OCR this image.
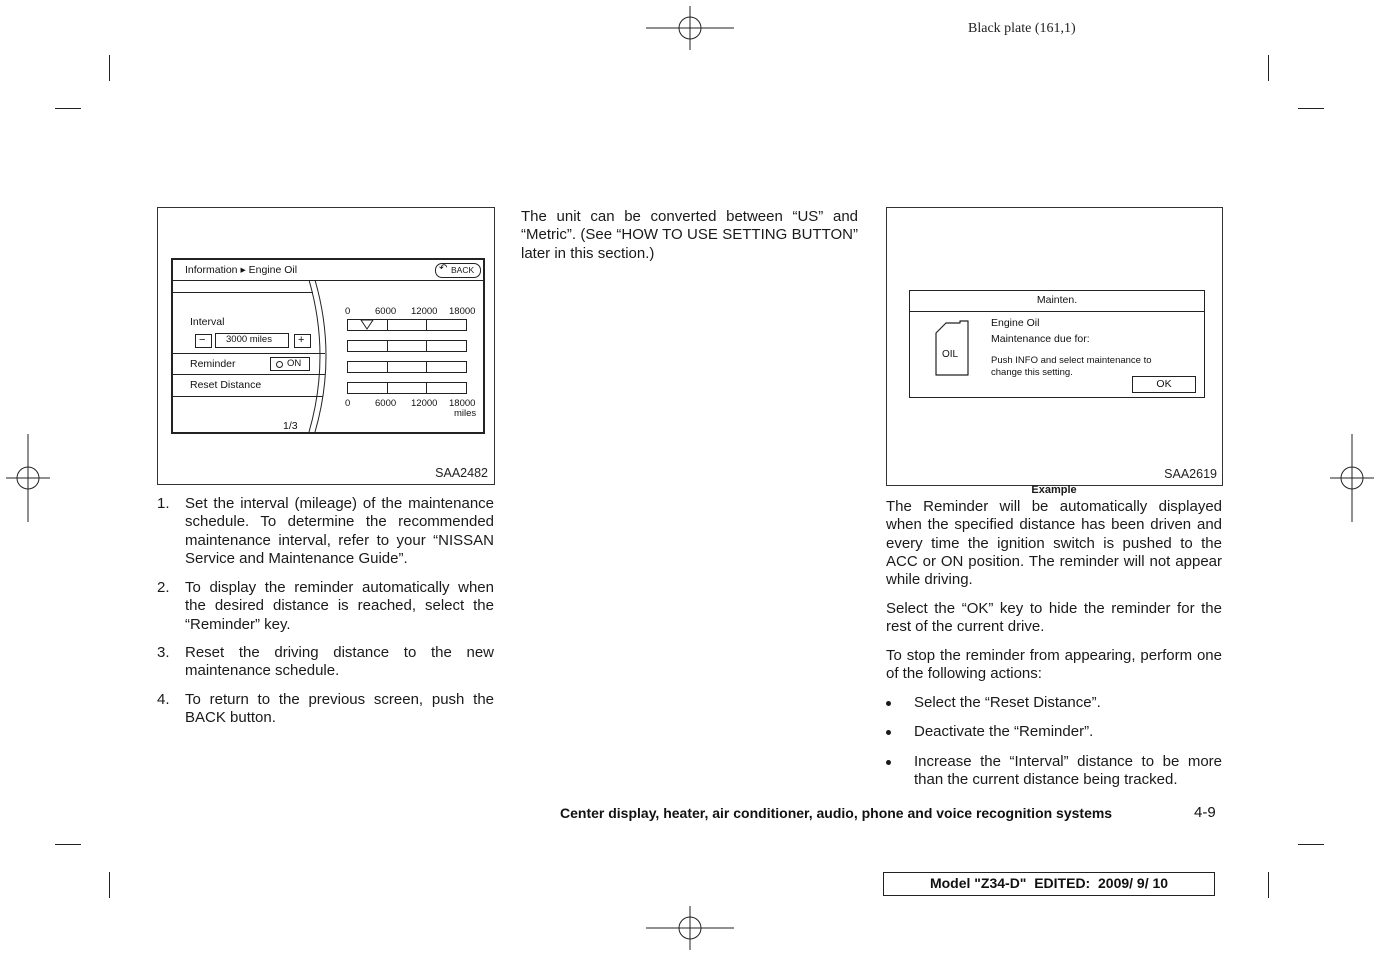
Black plate (161,1)
Information ▸ Engine Oil	↶ BACK
Interval
− 3000 miles +
Reminder	ON
Reset Distance
1/3
0	6000 12000 18000
0	6000 12000 18000
miles
SAA2482
1. Set the interval (mileage) of the maintenance schedule. To determine the recommended maintenance interval, refer to your “NISSAN Service and Maintenance Guide”.
2. To display the reminder automatically when the desired distance is reached, select the “Reminder” key.
3. Reset the driving distance to the new maintenance schedule.
4. To return to the previous screen, push the BACK button.
The unit can be converted between “US” and “Metric”. (See “HOW TO USE SETTING BUTTON” later in this section.)
Mainten.
OIL
Engine Oil
Maintenance due for:
Push INFO and select maintenance to
change this setting.
OK
SAA2619
Example
The Reminder will be automatically displayed when the specified distance has been driven and every time the ignition switch is pushed to the ACC or ON position. The reminder will not appear while driving.
Select the “OK” key to hide the reminder for the rest of the current drive.
To stop the reminder from appearing, perform one of the following actions:
Select the “Reset Distance”.
Deactivate the “Reminder”.
Increase the “Interval” distance to be more than the current distance being tracked.
Center display, heater, air conditioner, audio, phone and voice recognition systems	4-9
Model "Z34-D"  EDITED:  2009/ 9/ 10
